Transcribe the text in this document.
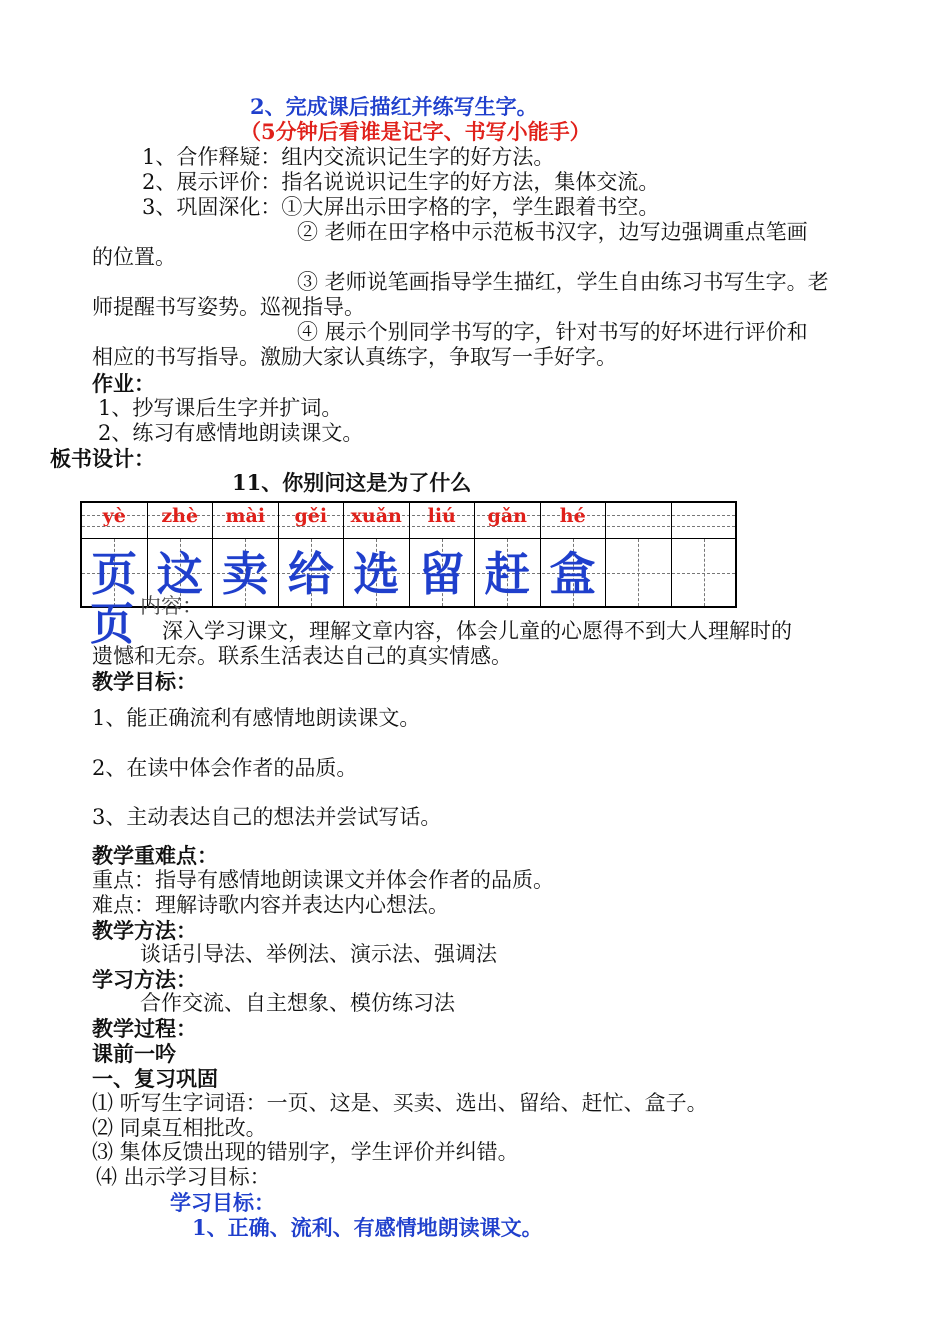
2、完成课后描红并练写生字。
（5分钟后看谁是记字、书写小能手）
1、合作释疑：组内交流识记生字的好方法。
2、展示评价：指名说说识记生字的好方法，集体交流。
3、巩固深化：①大屏出示田字格的字，学生跟着书空。
② 老师在田字格中示范板书汉字，边写边强调重点笔画
的位置。
③ 老师说笔画指导学生描红，学生自由练习书写生字。老
师提醒书写姿势。巡视指导。
④ 展示个别同学书写的字，针对书写的好坏进行评价和
相应的书写指导。激励大家认真练字，争取写一手好字。
作业：
1、抄写课后生字并扩词。
2、练习有感情地朗读课文。
板书设计：
11、你别问这是为了什么
yè
页
zhè
这
mài
卖
gěi
给
xuǎn
选
liú
留
gǎn
赶
hé
盒
页 内容：
深入学习课文，理解文章内容，体会儿童的心愿得不到大人理解时的
遗憾和无奈。联系生活表达自己的真实情感。
教学目标：
1、能正确流利有感情地朗读课文。
2、在读中体会作者的品质。
3、主动表达自己的想法并尝试写话。
教学重难点：
重点：指导有感情地朗读课文并体会作者的品质。
难点：理解诗歌内容并表达内心想法。
教学方法：
谈话引导法、举例法、演示法、强调法
学习方法：
合作交流、自主想象、模仿练习法
教学过程：
课前一吟
一、复习巩固
⑴ 听写生字词语：一页、这是、买卖、选出、留给、赶忙、盒子。
⑵ 同桌互相批改。
⑶ 集体反馈出现的错别字，学生评价并纠错。
⑷ 出示学习目标：
学习目标：
1、正确、流利、有感情地朗读课文。
